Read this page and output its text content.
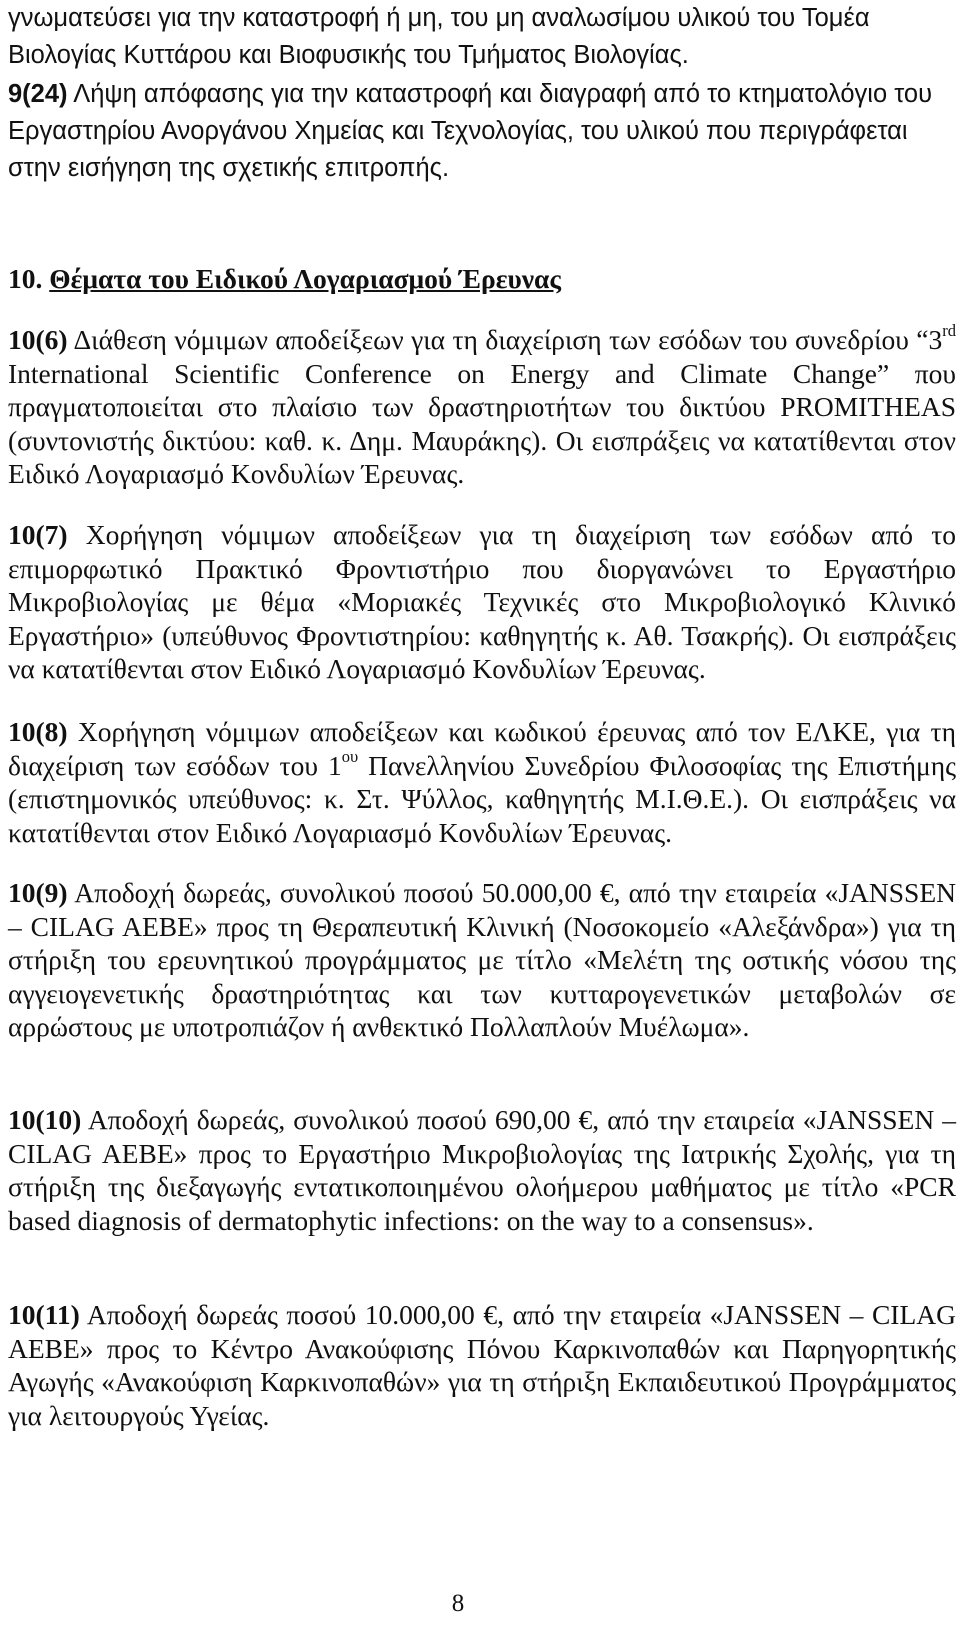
γνωματεύσει για την καταστροφή ή μη, του μη αναλωσίμου υλικού του Τομέα Βιολογίας Κυττάρου και Βιοφυσικής του Τμήματος Βιολογίας.

9(24) Λήψη απόφασης για την καταστροφή και διαγραφή από το κτηματολόγιο του Εργαστηρίου Ανοργάνου Χημείας και Τεχνολογίας, του υλικού που περιγράφεται στην εισήγηση της σχετικής επιτροπής.

10. Θέματα του Ειδικού Λογαριασμού Έρευνας

10(6) Διάθεση νόμιμων αποδείξεων για τη διαχείριση των εσόδων του συνεδρίου “3rd International Scientific Conference on Energy and Climate Change” που πραγματοποιείται στο πλαίσιο των δραστηριοτήτων του δικτύου PROMITHEAS (συντονιστής δικτύου: καθ. κ. Δημ. Μαυράκης). Οι εισπράξεις να κατατίθενται στον Ειδικό Λογαριασμό Κονδυλίων Έρευνας.

10(7) Χορήγηση νόμιμων αποδείξεων για τη διαχείριση των εσόδων από το επιμορφωτικό Πρακτικό Φροντιστήριο που διοργανώνει το Εργαστήριο Μικροβιολογίας με θέμα «Μοριακές Τεχνικές στο Μικροβιολογικό Κλινικό Εργαστήριο» (υπεύθυνος Φροντιστηρίου: καθηγητής κ. Αθ. Τσακρής). Οι εισπράξεις να κατατίθενται στον Ειδικό Λογαριασμό Κονδυλίων Έρευνας.

10(8) Χορήγηση νόμιμων αποδείξεων και κωδικού έρευνας από τον ΕΛΚΕ, για τη διαχείριση των εσόδων του $1^{o\upsilon}$ Πανελληνίου Συνεδρίου Φιλοσοφίας της Επιστήμης (επιστημονικός υπεύθυνος: κ. Στ. Ψύλλος, καθηγητής Μ.Ι.Θ.Ε.). Οι εισπράξεις να κατατίθενται στον Ειδικό Λογαριασμό Κονδυλίων Έρευνας.

10(9) Αποδοχή δωρεάς, συνολικού ποσού 50.000,00 €, από την εταιρεία «JANSSEN – CILAG AEBE» προς τη Θεραπευτική Κλινική (Νοσοκομείο «Αλεξάνδρα») για τη στήριξη του ερευνητικού προγράμματος με τίτλο «Μελέτη της οστικής νόσου της αγγειογενετικής δραστηριότητας και των κυτταρογενετικών μεταβολών σε αρρώστους με υποτροπιάζον ή ανθεκτικό Πολλαπλούν Μυέλωμα».

10(10) Αποδοχή δωρεάς, συνολικού ποσού 690,00 €, από την εταιρεία «JANSSEN – CILAG AEBE» προς το Εργαστήριο Μικροβιολογίας της Ιατρικής Σχολής, για τη στήριξη της διεξαγωγής εντατικοποιημένου ολοήμερου μαθήματος με τίτλο «PCR based diagnosis of dermatophytic infections: on the way to a consensus».

10(11) Αποδοχή δωρεάς ποσού 10.000,00 €, από την εταιρεία «JANSSEN – CILAG AEBE» προς το Κέντρο Ανακούφισης Πόνου Καρκινοπαθών και Παρηγορητικής Αγωγής «Ανακούφιση Καρκινοπαθών» για τη στήριξη Εκπαιδευτικού Προγράμματος για λειτουργούς Υγείας.

8
